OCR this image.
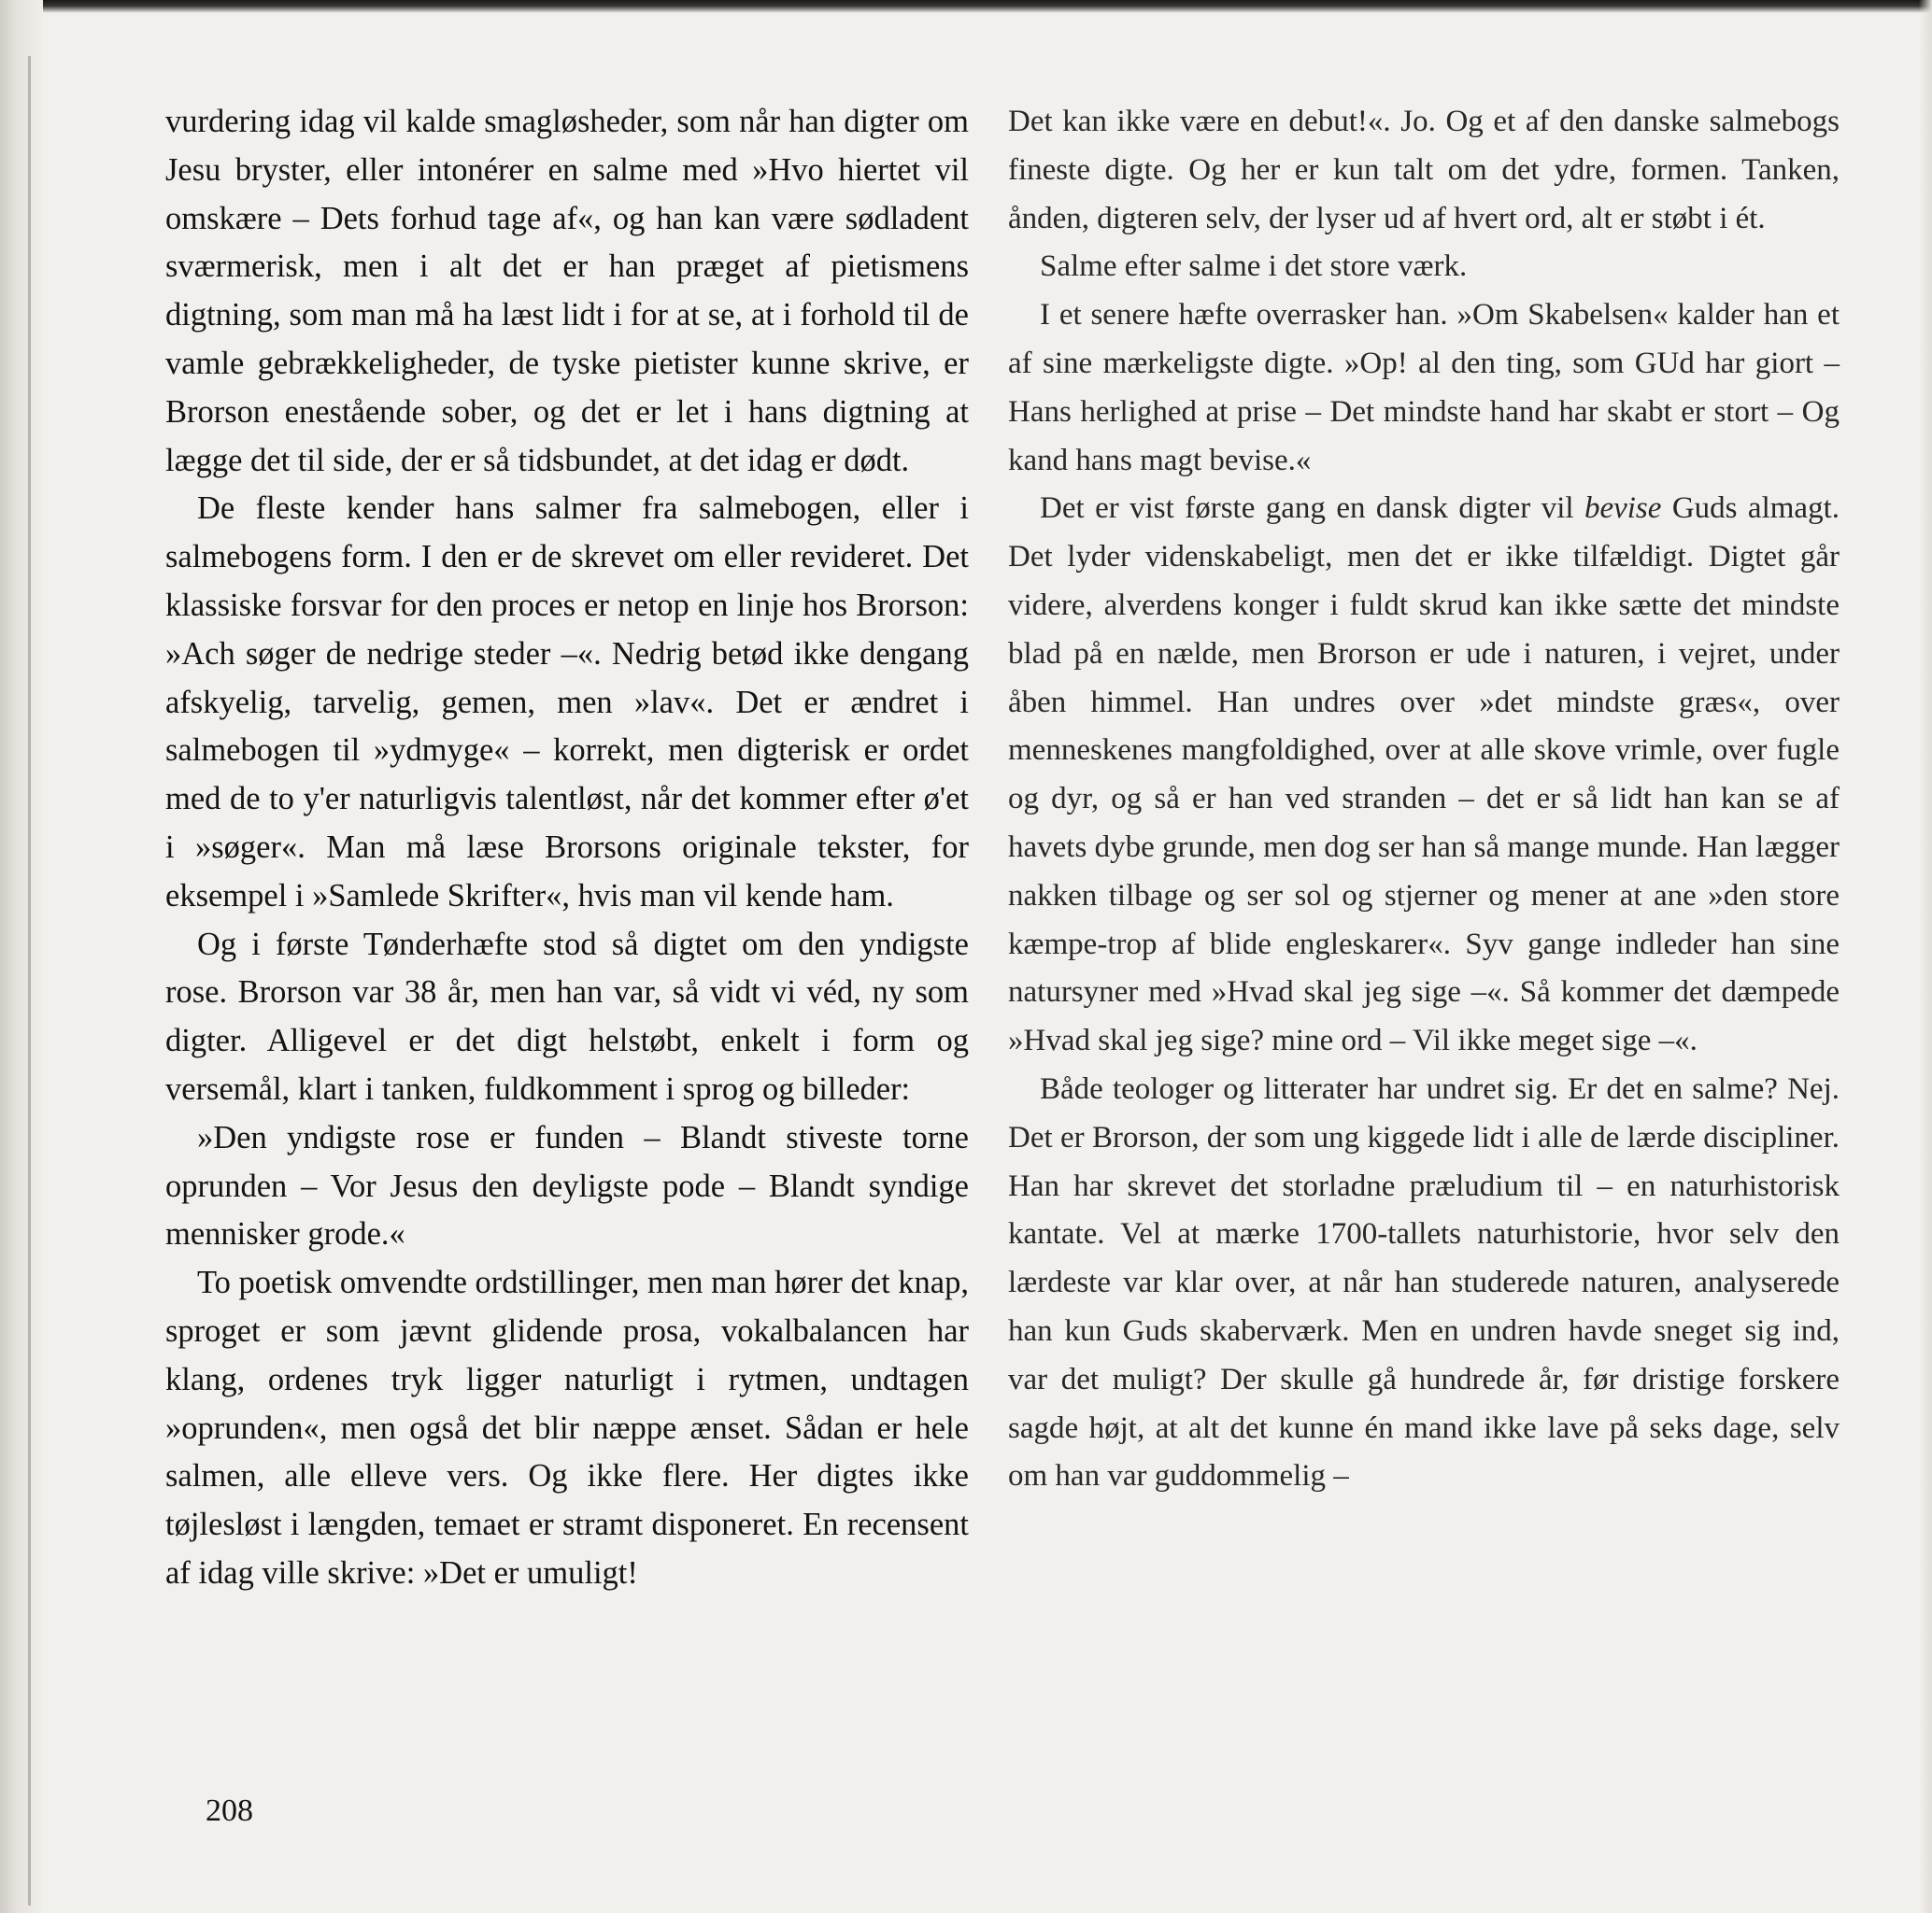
vurdering idag vil kalde smagløsheder, som når han digter om Jesu bryster, eller intonérer en salme med »Hvo hiertet vil omskære – Dets forhud tage af«, og han kan være sødladent sværmerisk, men i alt det er han præget af pietismens digtning, som man må ha læst lidt i for at se, at i forhold til de vamle gebrækkeligheder, de tyske pietister kunne skrive, er Brorson enestående sober, og det er let i hans digtning at lægge det til side, der er så tidsbundet, at det idag er dødt.

De fleste kender hans salmer fra salmebogen, eller i salmebogens form. I den er de skrevet om eller revideret. Det klassiske forsvar for den proces er netop en linje hos Brorson: »Ach søger de nedrige steder –«. Nedrig betød ikke dengang afskyelig, tarvelig, gemen, men »lav«. Det er ændret i salmebogen til »ydmyge« – korrekt, men digterisk er ordet med de to y'er naturligvis talentløst, når det kommer efter ø'et i »søger«. Man må læse Brorsons originale tekster, for eksempel i »Samlede Skrifter«, hvis man vil kende ham.

Og i første Tønderhæfte stod så digtet om den yndigste rose. Brorson var 38 år, men han var, så vidt vi véd, ny som digter. Alligevel er det digt helstøbt, enkelt i form og versemål, klart i tanken, fuldkomment i sprog og billeder:

»Den yndigste rose er funden – Blandt stiveste torne oprunden – Vor Jesus den deyligste pode – Blandt syndige mennisker grode.«

To poetisk omvendte ordstillinger, men man hører det knap, sproget er som jævnt glidende prosa, vokalbalancen har klang, ordenes tryk ligger naturligt i rytmen, undtagen »oprunden«, men også det blir næppe ænset. Sådan er hele salmen, alle elleve vers. Og ikke flere. Her digtes ikke tøjlesløst i længden, temaet er stramt disponeret. En recensent af idag ville skrive: »Det er umuligt!

Det kan ikke være en debut!«. Jo. Og et af den danske salmebogs fineste digte. Og her er kun talt om det ydre, formen. Tanken, ånden, digteren selv, der lyser ud af hvert ord, alt er støbt i ét.

Salme efter salme i det store værk.

I et senere hæfte overrasker han. »Om Skabelsen« kalder han et af sine mærkeligste digte. »Op! al den ting, som GUd har giort – Hans herlighed at prise – Det mindste hand har skabt er stort – Og kand hans magt bevise.«

Det er vist første gang en dansk digter vil bevise Guds almagt. Det lyder videnskabeligt, men det er ikke tilfældigt. Digtet går videre, alverdens konger i fuldt skrud kan ikke sætte det mindste blad på en nælde, men Brorson er ude i naturen, i vejret, under åben himmel. Han undres over »det mindste græs«, over menneskenes mangfoldighed, over at alle skove vrimle, over fugle og dyr, og så er han ved stranden – det er så lidt han kan se af havets dybe grunde, men dog ser han så mange munde. Han lægger nakken tilbage og ser sol og stjerner og mener at ane »den store kæmpe-trop af blide engleskarer«. Syv gange indleder han sine natursyner med »Hvad skal jeg sige –«. Så kommer det dæmpede »Hvad skal jeg sige? mine ord – Vil ikke meget sige –«.

Både teologer og litterater har undret sig. Er det en salme? Nej. Det er Brorson, der som ung kiggede lidt i alle de lærde discipliner. Han har skrevet det storladne præludium til – en naturhistorisk kantate. Vel at mærke 1700-tallets naturhistorie, hvor selv den lærdeste var klar over, at når han studerede naturen, analyserede han kun Guds skaberværk. Men en undren havde sneget sig ind, var det muligt? Der skulle gå hundrede år, før dristige forskere sagde højt, at alt det kunne én mand ikke lave på seks dage, selv om han var guddommelig –

208
